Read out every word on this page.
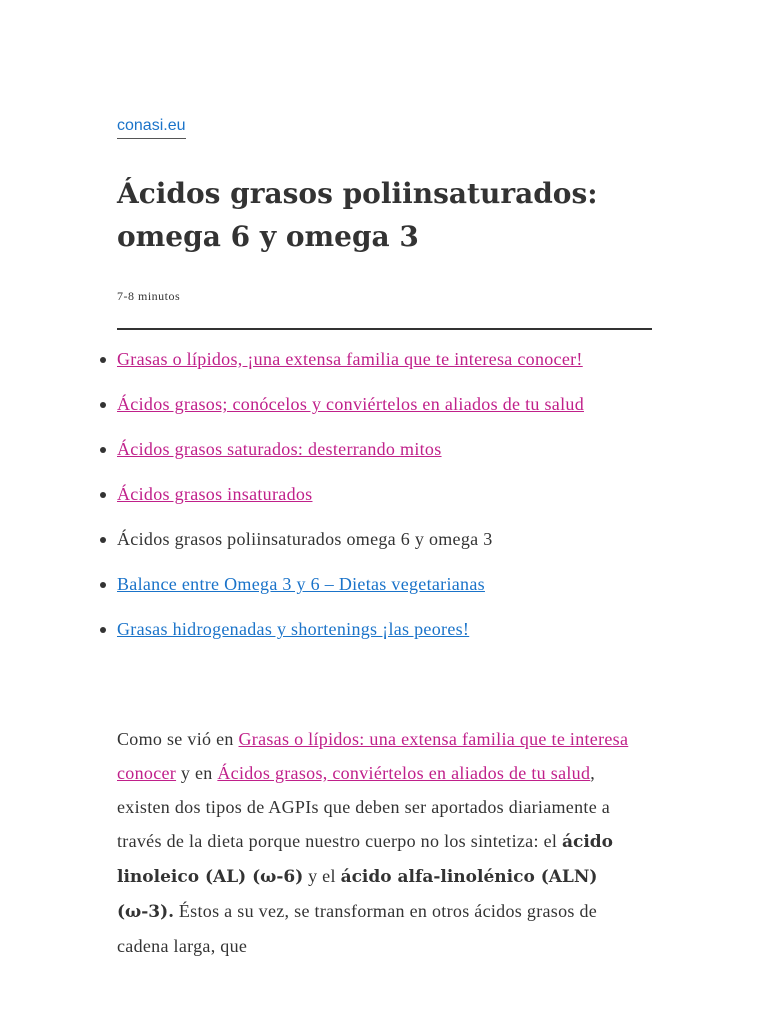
conasi.eu
Ácidos grasos poliinsaturados: omega 6 y omega 3
7-8 minutos
Grasas o lípidos, ¡una extensa familia que te interesa conocer!
Ácidos grasos; conócelos y conviértelos en aliados de tu salud
Ácidos grasos saturados: desterrando mitos
Ácidos grasos insaturados
Ácidos grasos poliinsaturados omega 6 y omega 3
Balance entre Omega 3 y 6 – Dietas vegetarianas
Grasas hidrogenadas y shortenings ¡las peores!

Como se vió en Grasas o lípidos: una extensa familia que te interesa conocer y en Ácidos grasos, conviértelos en aliados de tu salud, existen dos tipos de AGPIs que deben ser aportados diariamente a través de la dieta porque nuestro cuerpo no los sintetiza: el ácido linoleico (AL) (ω-6) y el ácido alfa-linolénico (ALN) (ω-3). Éstos a su vez, se transforman en otros ácidos grasos de cadena larga, que
